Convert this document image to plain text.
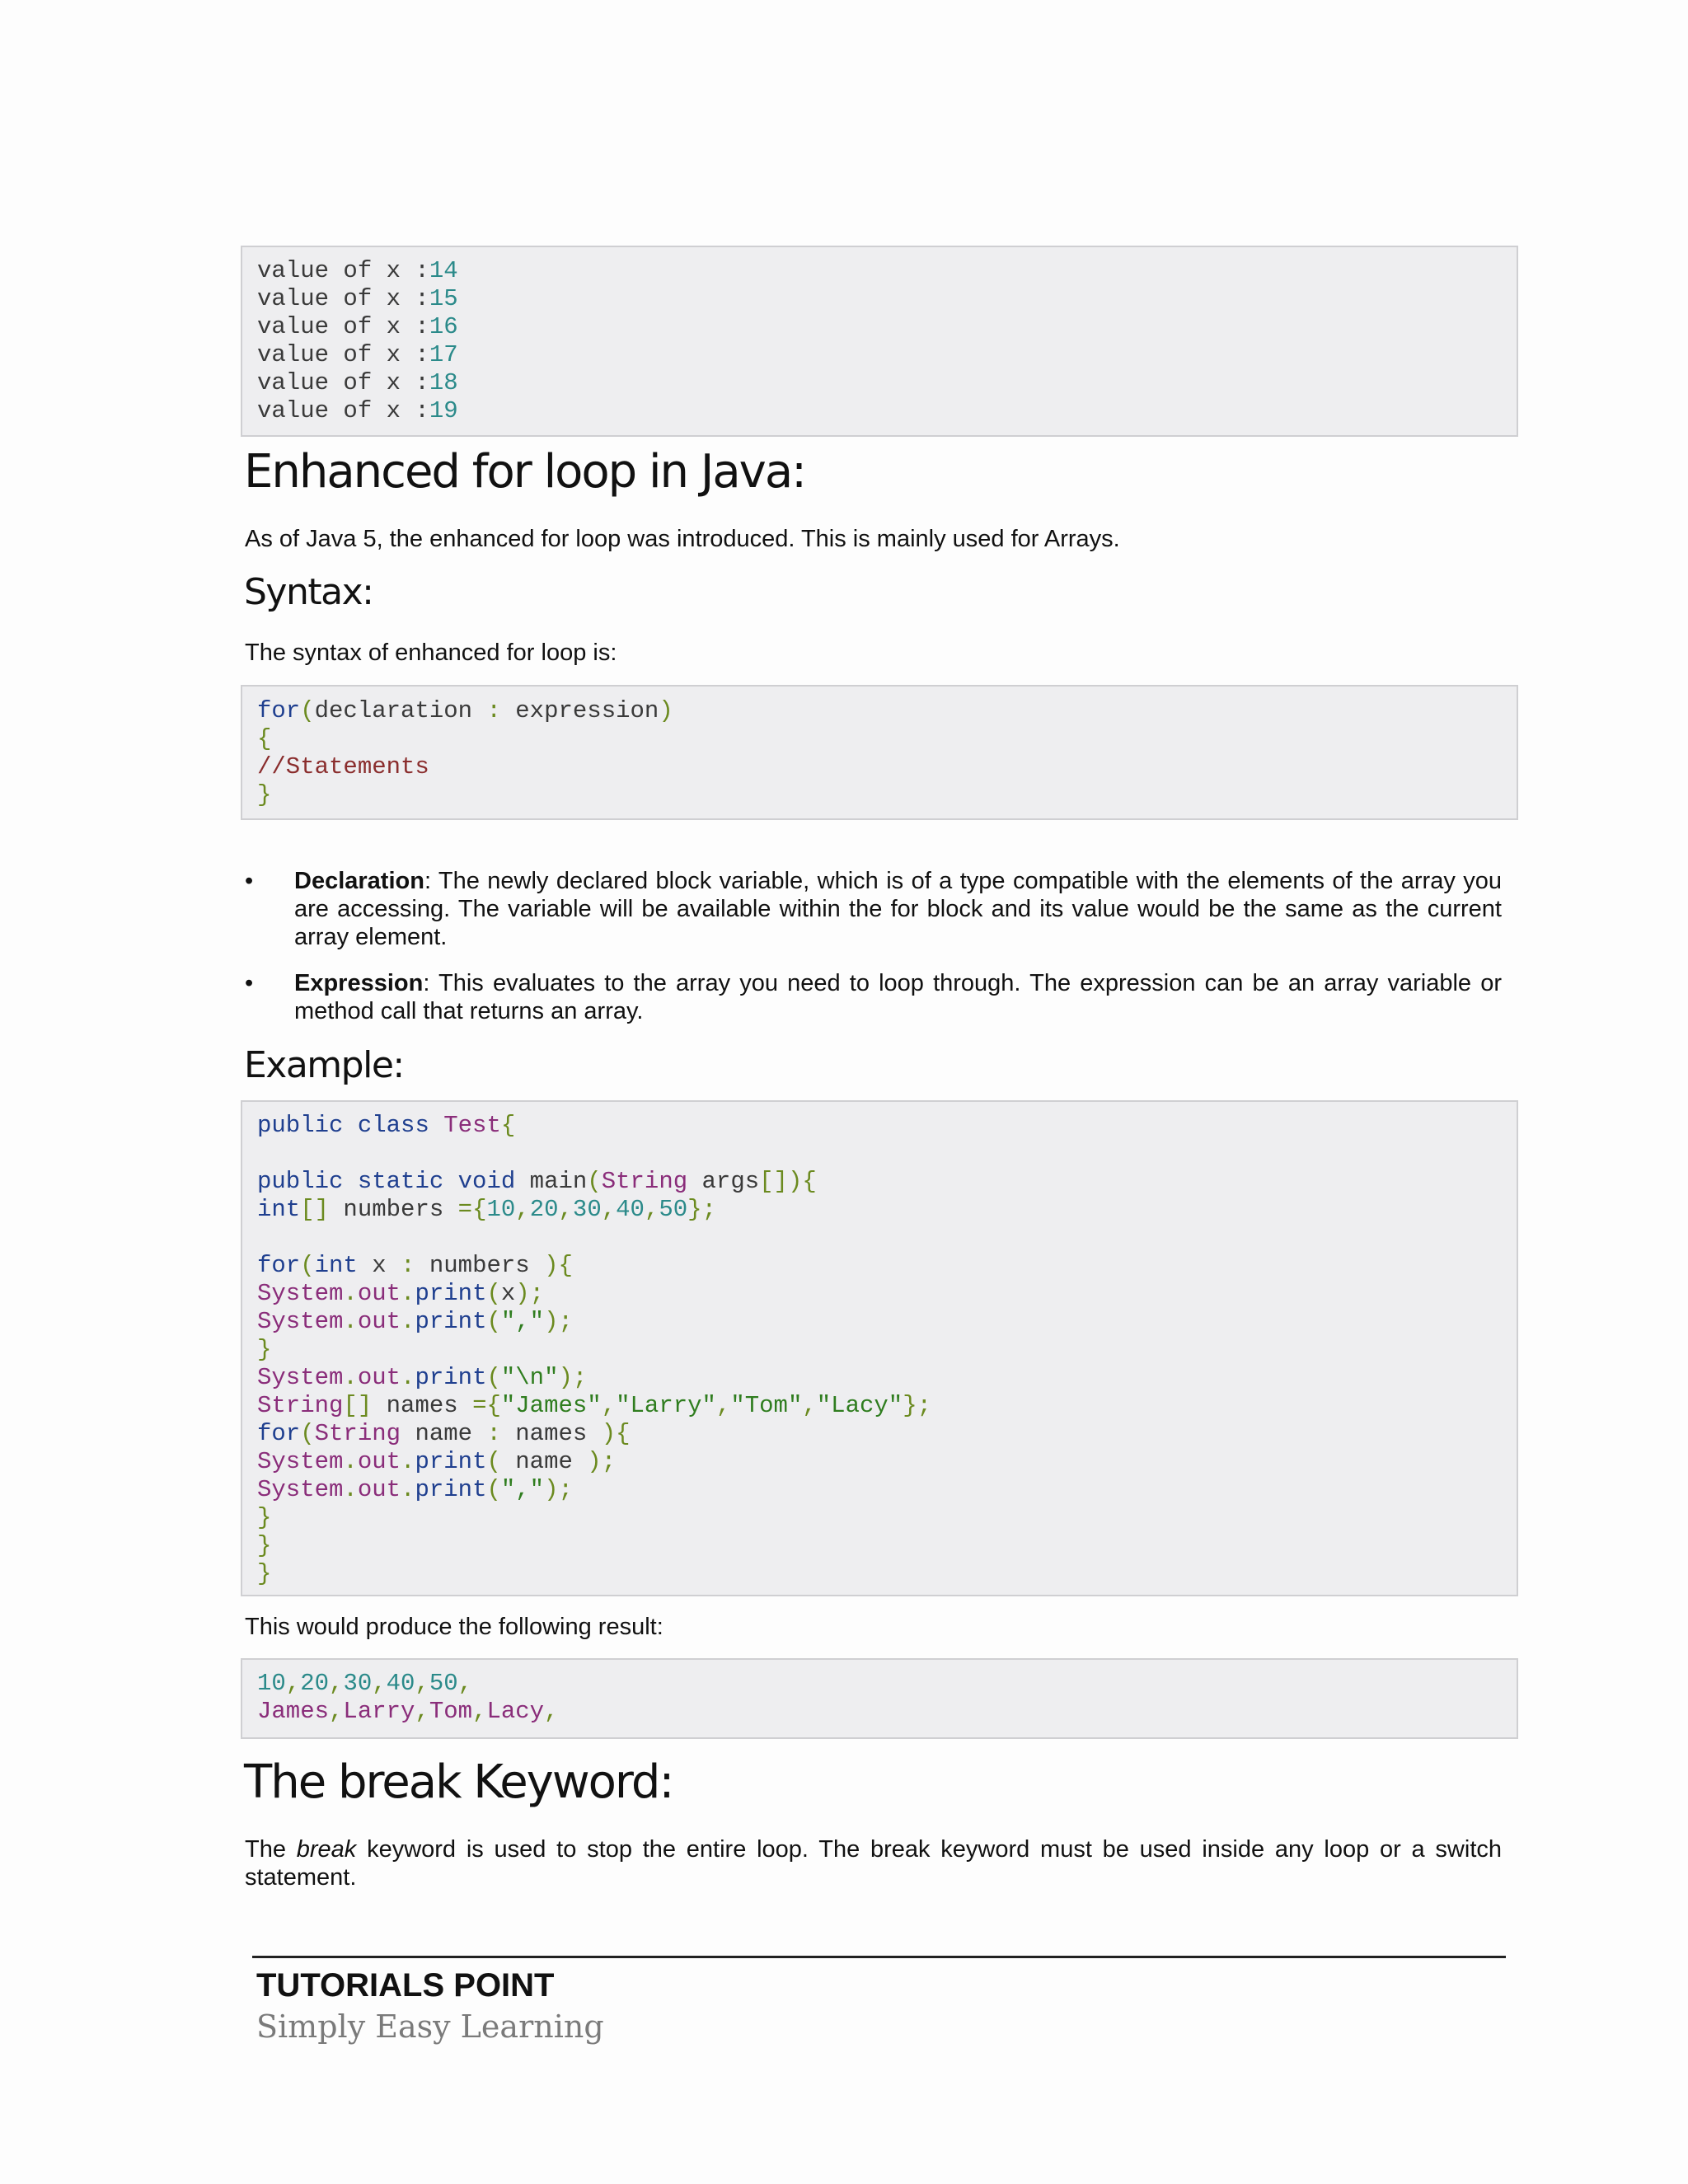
value of x :14
value of x :15
value of x :16
value of x :17
value of x :18
value of x :19
Enhanced for loop in Java:
As of Java 5, the enhanced for loop was introduced. This is mainly used for Arrays.
Syntax:
The syntax of enhanced for loop is:
for(declaration : expression)
{
//Statements
}
• Declaration: The newly declared block variable, which is of a type compatible with the elements of the array you are accessing. The variable will be available within the for block and its value would be the same as the current array element.
• Expression: This evaluates to the array you need to loop through. The expression can be an array variable or method call that returns an array.
Example:
public class Test{
public static void main(String args[]){
int[] numbers ={10,20,30,40,50};
for(int x : numbers ){
System.out.print(x);
System.out.print(",");
}
System.out.print("\n");
String[] names ={"James","Larry","Tom","Lacy"};
for(String name : names ){
System.out.print( name );
System.out.print(",");
}
}
}
This would produce the following result:
10,20,30,40,50,
James,Larry,Tom,Lacy,
The break Keyword:
The break keyword is used to stop the entire loop. The break keyword must be used inside any loop or a switch statement.
TUTORIALS POINT
Simply Easy Learning
